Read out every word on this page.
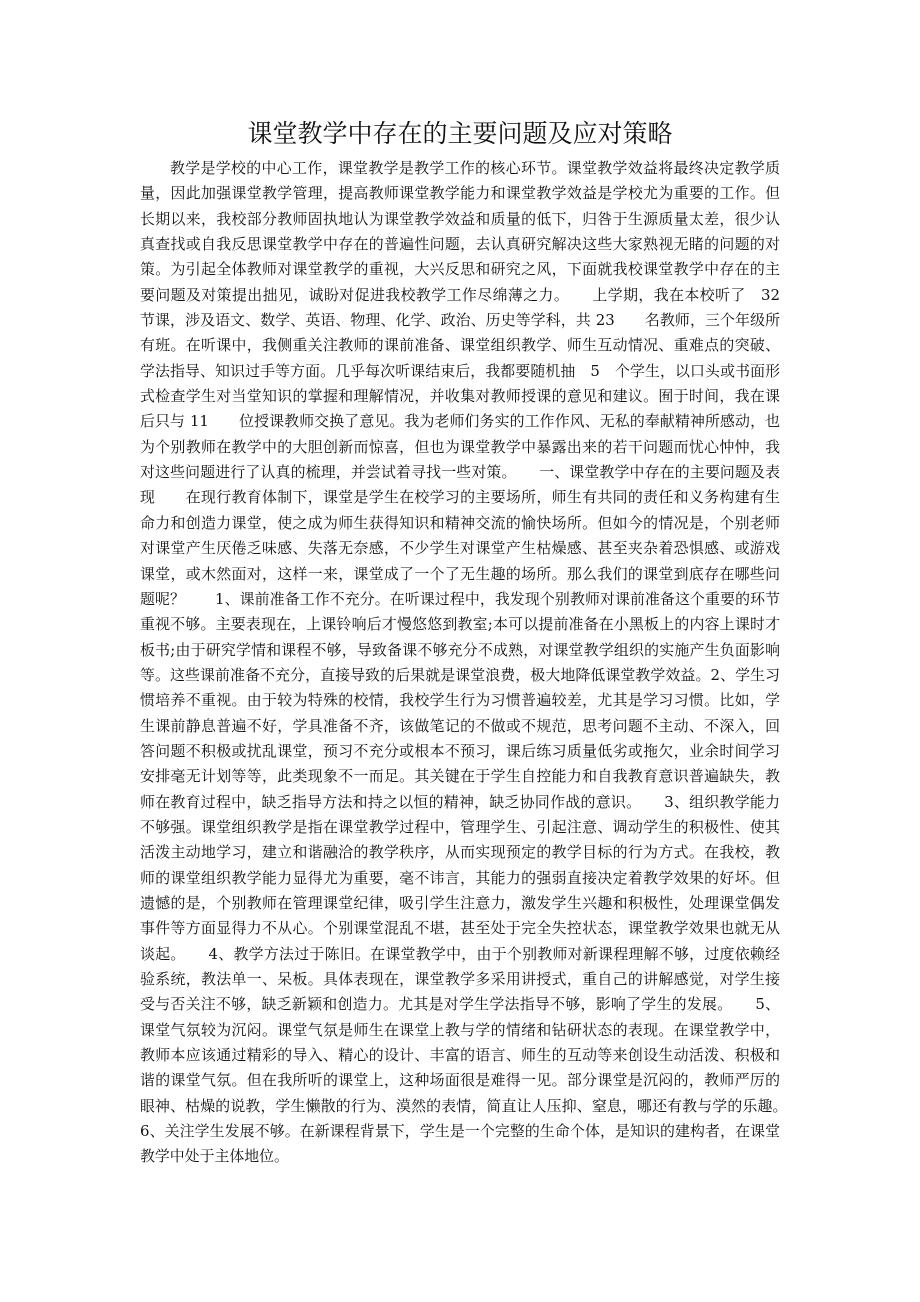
课堂教学中存在的主要问题及应对策略

教学是学校的中心工作，课堂教学是教学工作的核心环节。课堂教学效益将最终决定教学质量，因此加强课堂教学管理，提高教师课堂教学能力和课堂教学效益是学校尤为重要的工作。但长期以来，我校部分教师固执地认为课堂教学效益和质量的低下，归咎于生源质量太差，很少认真查找或自我反思课堂教学中存在的普遍性问题，去认真研究解决这些大家熟视无睹的问题的对策。为引起全体教师对课堂教学的重视，大兴反思和研究之风，下面就我校课堂教学中存在的主要问题及对策提出拙见，诚盼对促进我校教学工作尽绵薄之力。　　上学期，我在本校听了　32　节课，涉及语文、数学、英语、物理、化学、政治、历史等学科，共 23　　名教师，三个年级所有班。在听课中，我侧重关注教师的课前准备、课堂组织教学、师生互动情况、重难点的突破、学法指导、知识过手等方面。几乎每次听课结束后，我都要随机抽　5　个学生，以口头或书面形式检查学生对当堂知识的掌握和理解情况，并收集对教师授课的意见和建议。囿于时间，我在课后只与 11　　位授课教师交换了意见。我为老师们务实的工作作风、无私的奉献精神所感动，也为个别教师在教学中的大胆创新而惊喜，但也为课堂教学中暴露出来的若干问题而忧心忡忡，我对这些问题进行了认真的梳理，并尝试着寻找一些对策。　　一、课堂教学中存在的主要问题及表现　　在现行教育体制下，课堂是学生在校学习的主要场所，师生有共同的责任和义务构建有生命力和创造力课堂，使之成为师生获得知识和精神交流的愉快场所。但如今的情况是，个别老师对课堂产生厌倦乏味感、失落无奈感，不少学生对课堂产生枯燥感、甚至夹杂着恐惧感、或游戏课堂，或木然面对，这样一来，课堂成了一个了无生趣的场所。那么我们的课堂到底存在哪些问题呢？　　1、课前准备工作不充分。在听课过程中，我发现个别教师对课前准备这个重要的环节重视不够。主要表现在，上课铃响后才慢悠悠到教室;本可以提前准备在小黑板上的内容上课时才板书;由于研究学情和课程不够，导致备课不够充分不成熟，对课堂教学组织的实施产生负面影响等。这些课前准备不充分，直接导致的后果就是课堂浪费，极大地降低课堂教学效益。2、学生习惯培养不重视。由于较为特殊的校情，我校学生行为习惯普遍较差，尤其是学习习惯。比如，学生课前静息普遍不好，学具准备不齐，该做笔记的不做或不规范，思考问题不主动、不深入，回答问题不积极或扰乱课堂，预习不充分或根本不预习，课后练习质量低劣或拖欠，业余时间学习安排毫无计划等等，此类现象不一而足。其关键在于学生自控能力和自我教育意识普遍缺失，教师在教育过程中，缺乏指导方法和持之以恒的精神，缺乏协同作战的意识。　　3、组织教学能力不够强。课堂组织教学是指在课堂教学过程中，管理学生、引起注意、调动学生的积极性、使其活泼主动地学习，建立和谐融洽的教学秩序，从而实现预定的教学目标的行为方式。在我校，教师的课堂组织教学能力显得尤为重要，毫不讳言，其能力的强弱直接决定着教学效果的好坏。但遗憾的是，个别教师在管理课堂纪律，吸引学生注意力，激发学生兴趣和积极性，处理课堂偶发事件等方面显得力不从心。个别课堂混乱不堪，甚至处于完全失控状态，课堂教学效果也就无从谈起。　　4、教学方法过于陈旧。在课堂教学中，由于个别教师对新课程理解不够，过度依赖经验系统，教法单一、呆板。具体表现在，课堂教学多采用讲授式，重自己的讲解感觉，对学生接受与否关注不够，缺乏新颖和创造力。尤其是对学生学法指导不够，影响了学生的发展。　　5、课堂气氛较为沉闷。课堂气氛是师生在课堂上教与学的情绪和钻研状态的表现。在课堂教学中，教师本应该通过精彩的导入、精心的设计、丰富的语言、师生的互动等来创设生动活泼、积极和谐的课堂气氛。但在我所听的课堂上，这种场面很是难得一见。部分课堂是沉闷的，教师严厉的眼神、枯燥的说教，学生懒散的行为、漠然的表情，简直让人压抑、窒息，哪还有教与学的乐趣。　　6、关注学生发展不够。在新课程背景下，学生是一个完整的生命个体，是知识的建构者，在课堂教学中处于主体地位。
